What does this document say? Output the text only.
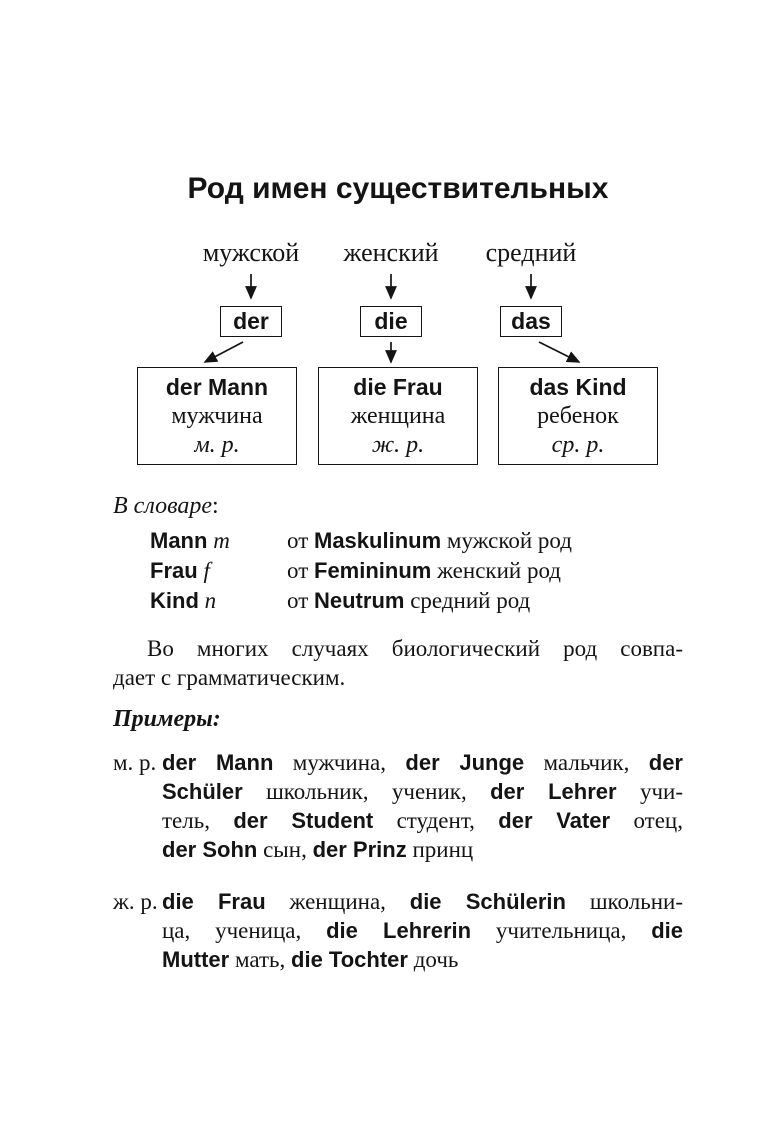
Род имен существительных
мужской	женский	средний
der	die	das
der Mann
мужчина
м. р.
die Frau
женщина
ж. р.
das Kind
ребенок
ср. р.
В словаре:
Mann m от Maskulinum мужской род
Frau f	от Femininum женский род
Kind n	от Neutrum средний род
Во многих случаях биологический род совпа-
дает с грамматическим.
Примеры:
м. р. der Mann мужчина, der Junge мальчик, der
Schüler школьник, ученик, der Lehrer учи-
тель, der Student студент, der Vater отец,
der Sohn сын, der Prinz принц
ж. р. die Frau женщина, die Schülerin школьни-
ца, ученица, die Lehrerin учительница, die
Mutter мать, die Tochter дочь
